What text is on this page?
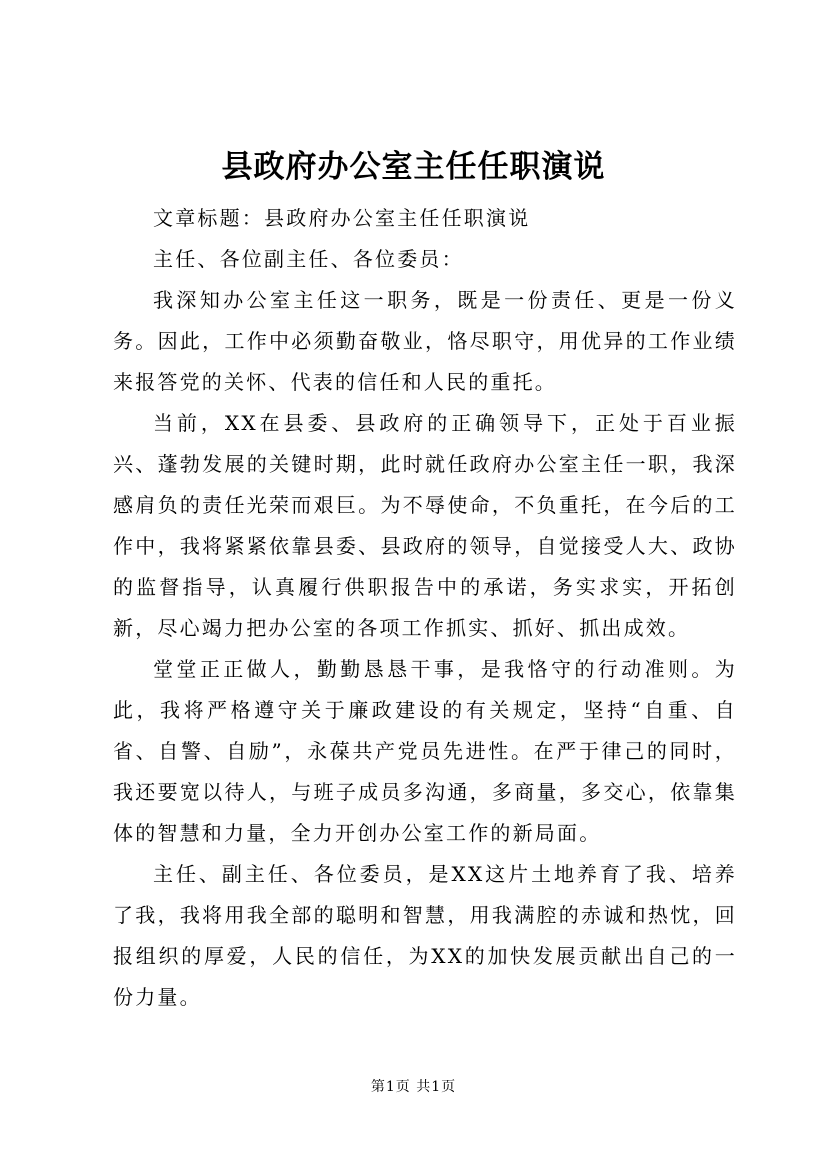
县政府办公室主任任职演说

文章标题：县政府办公室主任任职演说

主任、各位副主任、各位委员：

我深知办公室主任这一职务，既是一份责任、更是一份义务。因此，工作中必须勤奋敬业，恪尽职守，用优异的工作业绩来报答党的关怀、代表的信任和人民的重托。

当前，XX在县委、县政府的正确领导下，正处于百业振兴、蓬勃发展的关键时期，此时就任政府办公室主任一职，我深感肩负的责任光荣而艰巨。为不辱使命，不负重托，在今后的工作中，我将紧紧依靠县委、县政府的领导，自觉接受人大、政协的监督指导，认真履行供职报告中的承诺，务实求实，开拓创新，尽心竭力把办公室的各项工作抓实、抓好、抓出成效。

堂堂正正做人，勤勤恳恳干事，是我恪守的行动准则。为此，我将严格遵守关于廉政建设的有关规定，坚持“自重、自省、自警、自励”，永葆共产党员先进性。在严于律己的同时，我还要宽以待人，与班子成员多沟通，多商量，多交心，依靠集体的智慧和力量，全力开创办公室工作的新局面。

主任、副主任、各位委员，是XX这片土地养育了我、培养了我，我将用我全部的聪明和智慧，用我满腔的赤诚和热忱，回报组织的厚爱，人民的信任，为XX的加快发展贡献出自己的一份力量。

第1页 共1页
